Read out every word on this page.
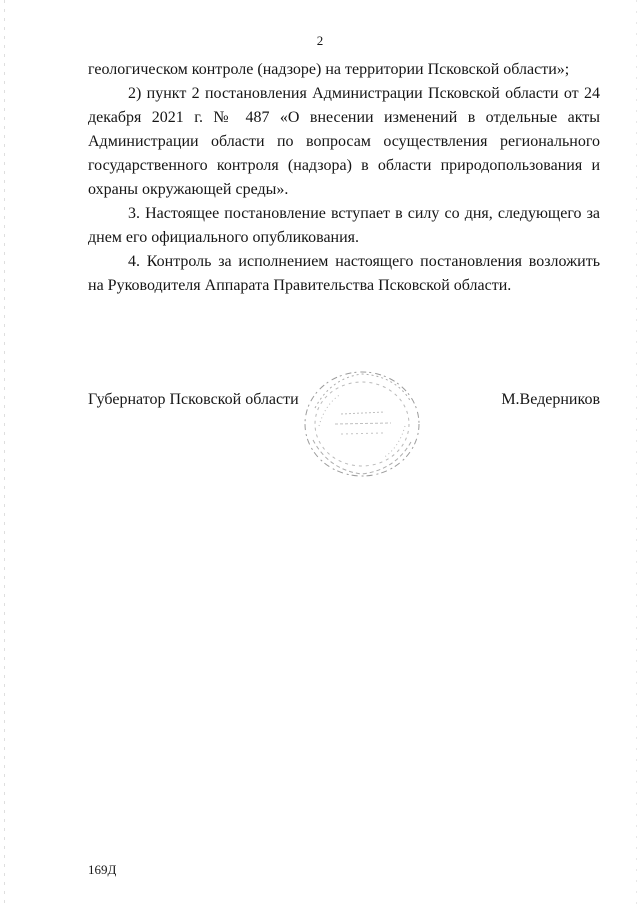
2

геологическом контроле (надзоре) на территории Псковской области»;

2) пункт 2 постановления Администрации Псковской области от 24 декабря 2021 г. № 487 «О внесении изменений в отдельные акты Администрации области по вопросам осуществления регионального государственного контроля (надзора) в области природопользования и охраны окружающей среды».

3. Настоящее постановление вступает в силу со дня, следующего за днем его официального опубликования.

4. Контроль за исполнением настоящего постановления возложить на Руководителя Аппарата Правительства Псковской области.

Губернатор Псковской области	М.Ведерников
169Д
